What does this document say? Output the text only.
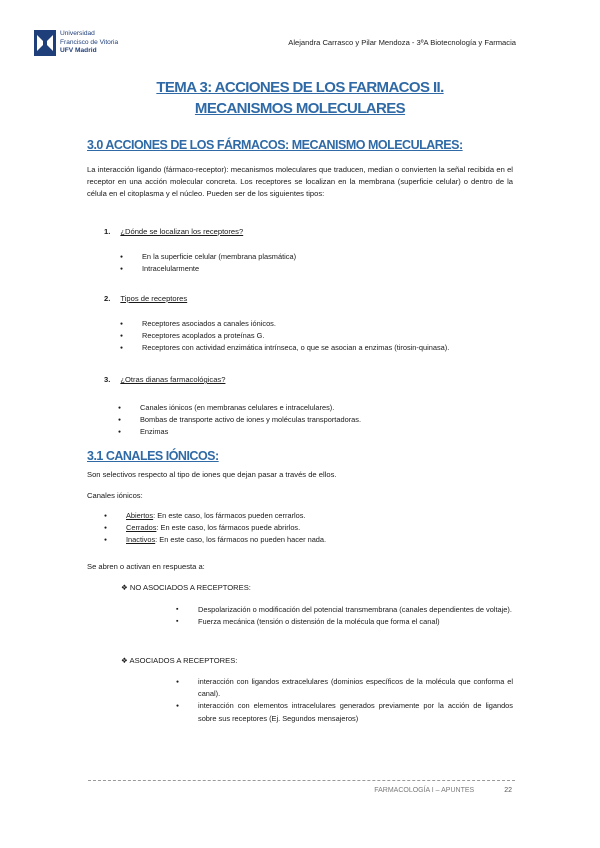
Universidad
Francisco de Vitoria
UFV Madrid
Alejandra Carrasco y Pilar Mendoza - 3ºA Biotecnología y Farmacia
TEMA 3: ACCIONES DE LOS FARMACOS II.
MECANISMOS MOLECULARES
3.0 ACCIONES DE LOS FÁRMACOS: MECANISMO MOLECULARES:
La interacción ligando (fármaco-receptor): mecanismos moleculares que traducen, median o convierten la señal recibida en el receptor en una acción molecular concreta. Los receptores se localizan en la membrana (superficie celular) o dentro de la célula en el citoplasma y el núcleo. Pueden ser de los siguientes tipos:
1. ¿Dónde se localizan los receptores?
● En la superficie celular (membrana plasmática)
● Intracelularmente
2. Tipos de receptores
● Receptores asociados a canales iónicos.
● Receptores acoplados a proteínas G.
● Receptores con actividad enzimática intrínseca, o que se asocian a enzimas (tirosin-quinasa).
3. ¿Otras dianas farmacológicas?
● Canales iónicos (en membranas celulares e intracelulares).
● Bombas de transporte activo de iones y moléculas transportadoras.
● Enzimas
3.1 CANALES IÓNICOS:
Son selectivos respecto al tipo de iones que dejan pasar a través de ellos.
Canales iónicos:
● Abiertos: En este caso, los fármacos pueden cerrarlos.
● Cerrados: En este caso, los fármacos puede abrirlos.
● Inactivos: En este caso, los fármacos no pueden hacer nada.
Se abren o activan en respuesta a:
❖ NO ASOCIADOS A RECEPTORES:
▪ Despolarización o modificación del potencial transmembrana (canales dependientes de voltaje).
▪ Fuerza mecánica (tensión o distensión de la molécula que forma el canal)
❖ ASOCIADOS A RECEPTORES:
● interacción con ligandos extracelulares (dominios específicos de la molécula que conforma el canal).
● interacción con elementos intracelulares generados previamente por la acción de ligandos sobre sus receptores (Ej. Segundos mensajeros)
FARMACOLOGÍA I – APUNTES	22
